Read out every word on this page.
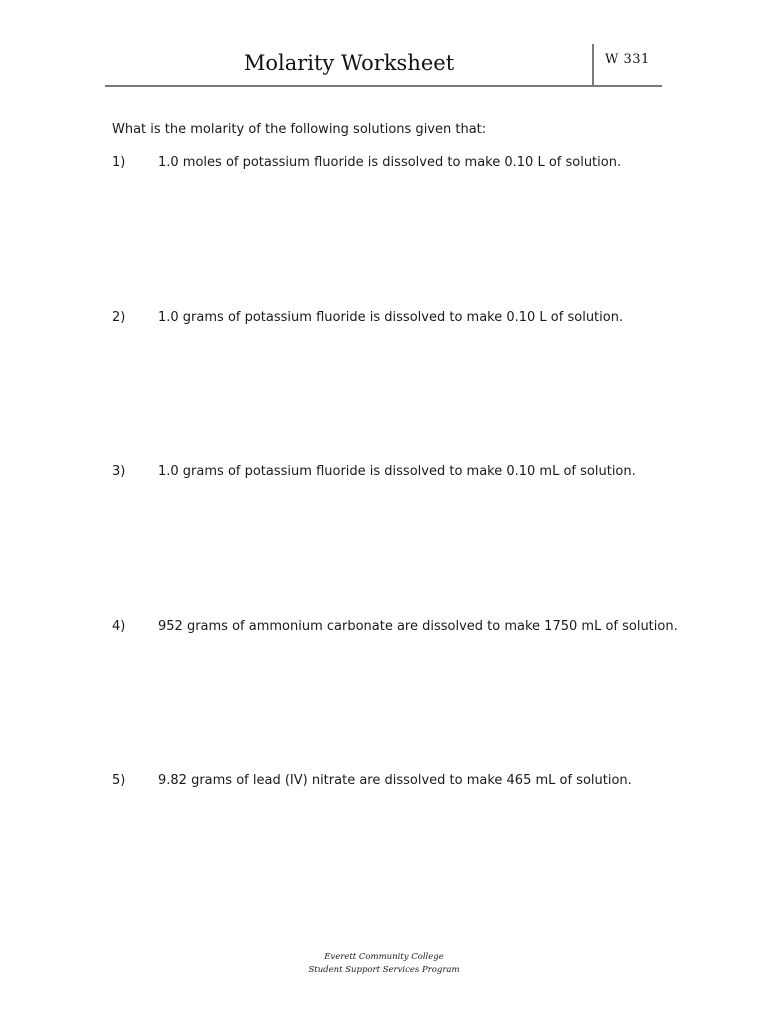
Molarity Worksheet	W 331
What is the molarity of the following solutions given that:
1)	1.0 moles of potassium fluoride is dissolved to make 0.10 L of solution.
2)	1.0 grams of potassium fluoride is dissolved to make 0.10 L of solution.
3)	1.0 grams of potassium fluoride is dissolved to make 0.10 mL of solution.
4)	952 grams of ammonium carbonate are dissolved to make 1750 mL of solution.
5)	9.82 grams of lead (IV) nitrate are dissolved to make 465 mL of solution.
Everett Community College
Student Support Services Program
